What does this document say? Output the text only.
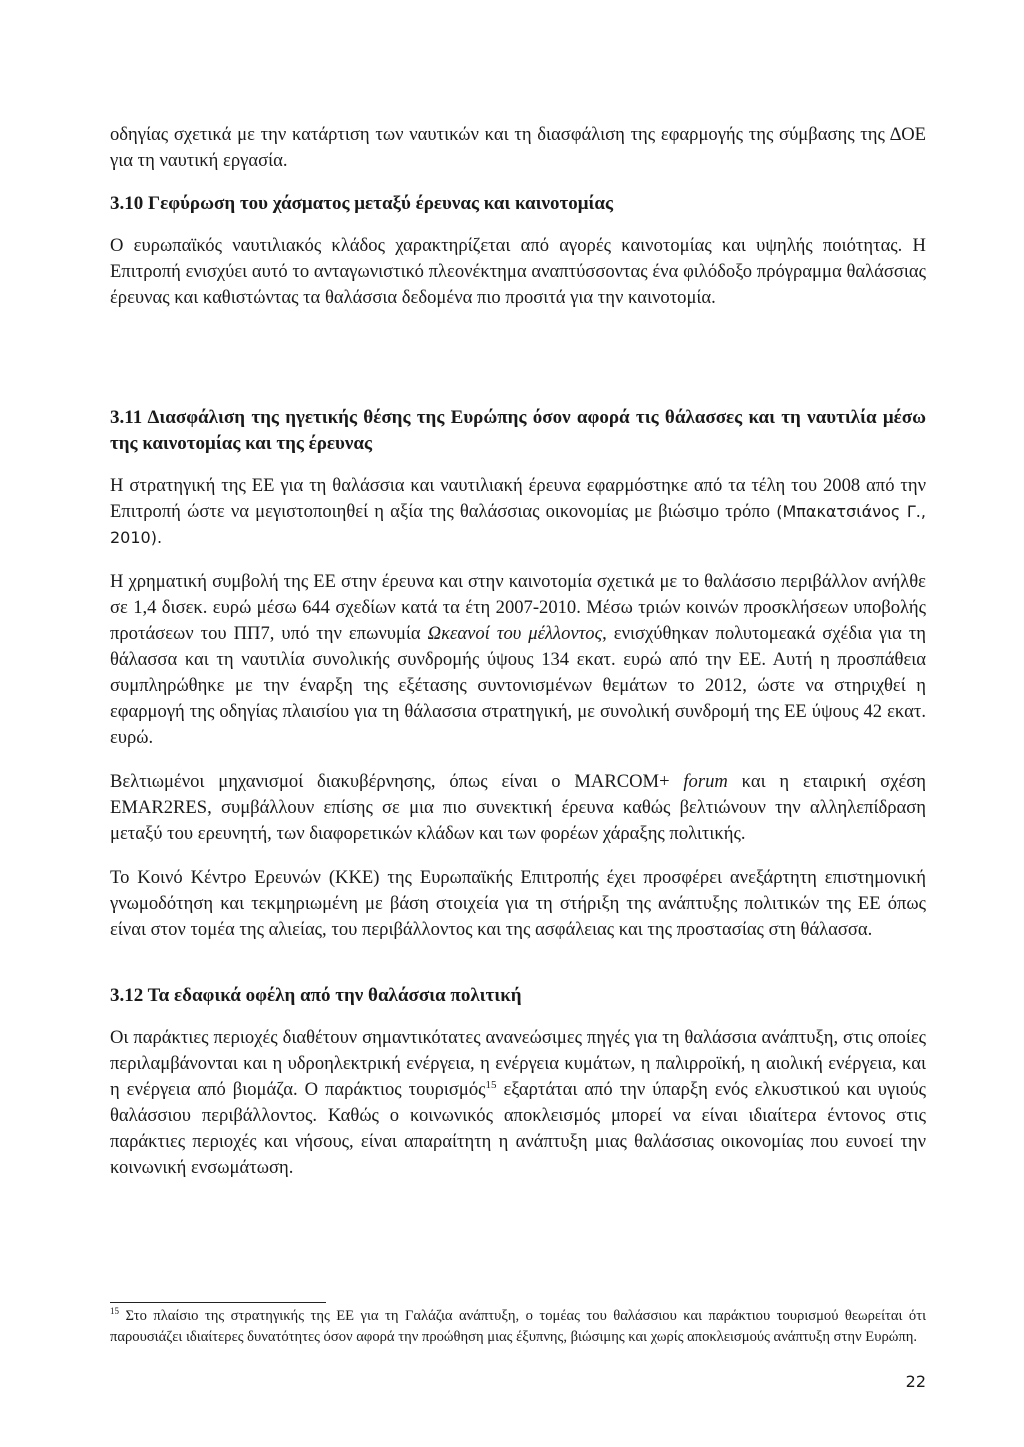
οδηγίας σχετικά με την κατάρτιση των ναυτικών και τη διασφάλιση της εφαρμογής της σύμβασης της ΔΟΕ για τη ναυτική εργασία.

3.10 Γεφύρωση του χάσματος μεταξύ έρευνας και καινοτομίας

Ο ευρωπαϊκός ναυτιλιακός κλάδος χαρακτηρίζεται από αγορές καινοτομίας και υψηλής ποιότητας. Η Επιτροπή ενισχύει αυτό το ανταγωνιστικό πλεονέκτημα αναπτύσσοντας ένα φιλόδοξο πρόγραμμα θαλάσσιας έρευνας και καθιστώντας τα θαλάσσια δεδομένα πιο προσιτά για την καινοτομία.

3.11 Διασφάλιση της ηγετικής θέσης της Ευρώπης όσον αφορά τις θάλασσες και τη ναυτιλία μέσω της καινοτομίας και της έρευνας

Η στρατηγική της ΕΕ για τη θαλάσσια και ναυτιλιακή έρευνα εφαρμόστηκε από τα τέλη του 2008 από την Επιτροπή ώστε να μεγιστοποιηθεί η αξία της θαλάσσιας οικονομίας με βιώσιμο τρόπο (Μπακατσιάνος Γ., 2010).

Η χρηματική συμβολή της ΕΕ στην έρευνα και στην καινοτομία σχετικά με το θαλάσσιο περιβάλλον ανήλθε σε 1,4 δισεκ. ευρώ μέσω 644 σχεδίων κατά τα έτη 2007-2010. Μέσω τριών κοινών προσκλήσεων υποβολής προτάσεων του ΠΠ7, υπό την επωνυμία Ωκεανοί του μέλλοντος, ενισχύθηκαν πολυτομεακά σχέδια για τη θάλασσα και τη ναυτιλία συνολικής συνδρομής ύψους 134 εκατ. ευρώ από την ΕΕ. Αυτή η προσπάθεια συμπληρώθηκε με την έναρξη της εξέτασης συντονισμένων θεμάτων το 2012, ώστε να στηριχθεί η εφαρμογή της οδηγίας πλαισίου για τη θάλασσια στρατηγική, με συνολική συνδρομή της ΕΕ ύψους 42 εκατ. ευρώ.

Βελτιωμένοι μηχανισμοί διακυβέρνησης, όπως είναι ο MARCOM+ forum και η εταιρική σχέση EMAR2RES, συμβάλλουν επίσης σε μια πιο συνεκτική έρευνα καθώς βελτιώνουν την αλληλεπίδραση μεταξύ του ερευνητή, των διαφορετικών κλάδων και των φορέων χάραξης πολιτικής.

Το Κοινό Κέντρο Ερευνών (ΚΚΕ) της Ευρωπαϊκής Επιτροπής έχει προσφέρει ανεξάρτητη επιστημονική γνωμοδότηση και τεκμηριωμένη με βάση στοιχεία για τη στήριξη της ανάπτυξης πολιτικών της ΕΕ όπως είναι στον τομέα της αλιείας, του περιβάλλοντος και της ασφάλειας και της προστασίας στη θάλασσα.

3.12 Τα εδαφικά οφέλη από την θαλάσσια πολιτική

Οι παράκτιες περιοχές διαθέτουν σημαντικότατες ανανεώσιμες πηγές για τη θαλάσσια ανάπτυξη, στις οποίες περιλαμβάνονται και η υδροηλεκτρική ενέργεια, η ενέργεια κυμάτων, η παλιρροϊκή, η αιολική ενέργεια, και η ενέργεια από βιομάζα. Ο παράκτιος τουρισμός$^{15}$ εξαρτάται από την ύπαρξη ενός ελκυστικού και υγιούς θαλάσσιου περιβάλλοντος. Καθώς ο κοινωνικός αποκλεισμός μπορεί να είναι ιδιαίτερα έντονος στις παράκτιες περιοχές και νήσους, είναι απαραίτητη η ανάπτυξη μιας θαλάσσιας οικονομίας που ευνοεί την κοινωνική ενσωμάτωση.

$^{15}$ Στο πλαίσιο της στρατηγικής της ΕΕ για τη Γαλάζια ανάπτυξη, ο τομέας του θαλάσσιου και παράκτιου τουρισμού θεωρείται ότι παρουσιάζει ιδιαίτερες δυνατότητες όσον αφορά την προώθηση μιας έξυπνης, βιώσιμης και χωρίς αποκλεισμούς ανάπτυξη στην Ευρώπη.
22
